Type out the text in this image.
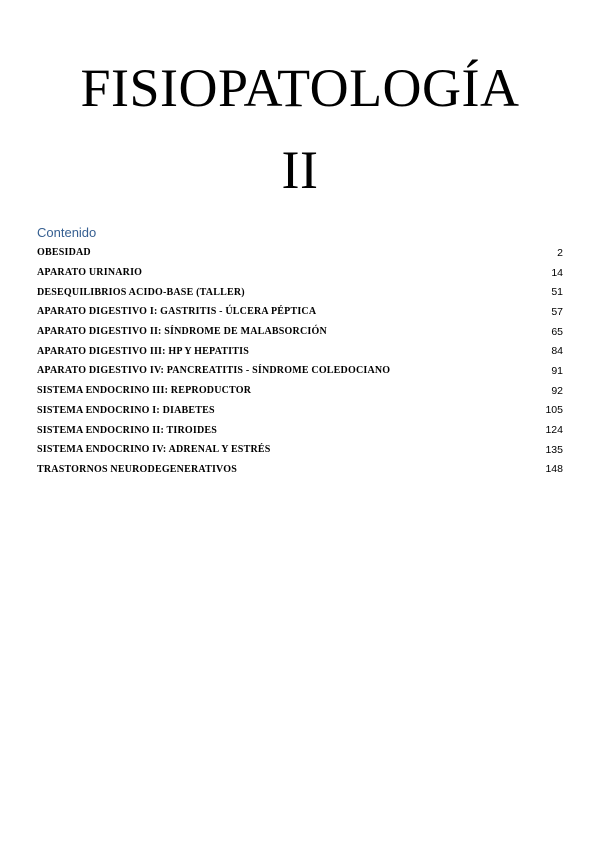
FISIOPATOLOGÍA
II
Contenido
OBESIDAD	2
APARATO URINARIO	14
DESEQUILIBRIOS ACIDO-BASE (TALLER)	51
APARATO DIGESTIVO I: GASTRITIS - ÚLCERA PÉPTICA	57
APARATO DIGESTIVO II: SÍNDROME DE MALABSORCIÓN	65
APARATO DIGESTIVO III: HP Y HEPATITIS	84
APARATO DIGESTIVO IV: PANCREATITIS - SÍNDROME COLEDOCIANO	91
SISTEMA ENDOCRINO III: REPRODUCTOR	92
SISTEMA ENDOCRINO I: DIABETES	105
SISTEMA ENDOCRINO II: TIROIDES	124
SISTEMA ENDOCRINO IV: ADRENAL Y ESTRÉS	135
TRASTORNOS NEURODEGENERATIVOS	148
